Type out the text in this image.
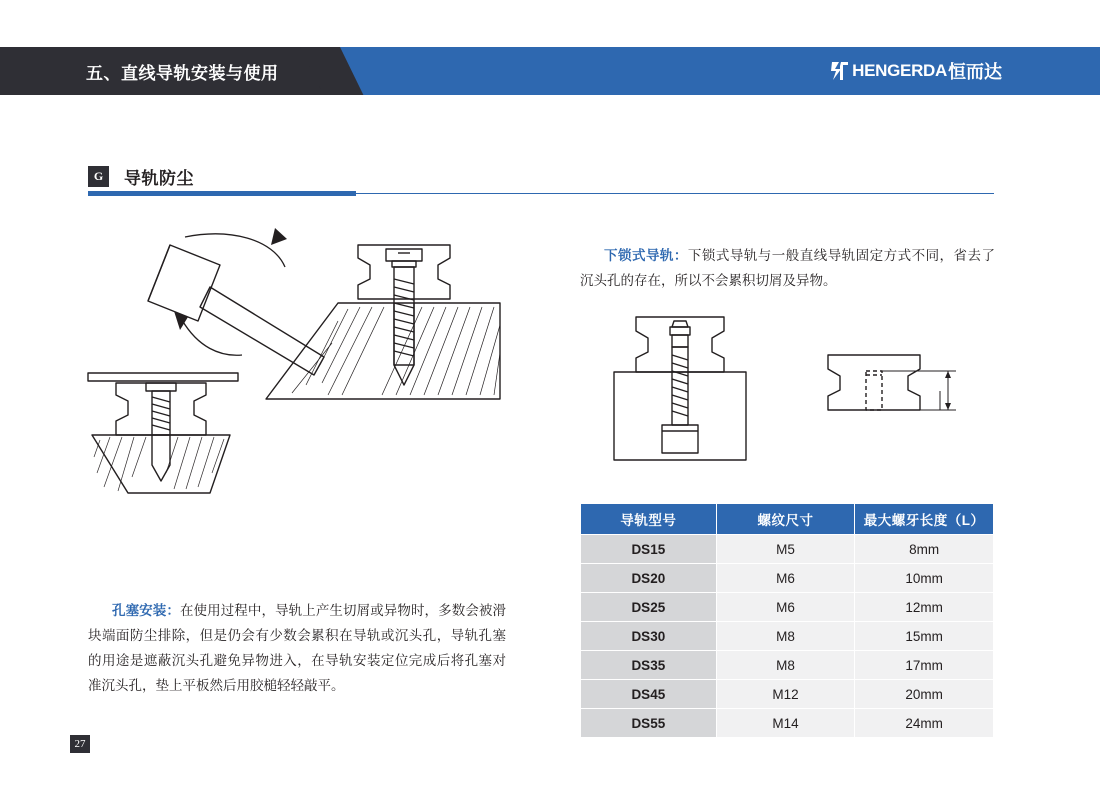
五、直线导轨安装与使用	HENGERDA 恒而达
G	导轨防尘
下锁式导轨：下锁式导轨与一般直线导轨固定方式不同，省去了沉头孔的存在，所以不会累积切屑及异物。
导轨型号	螺纹尺寸	最大螺牙长度（L）
DS15	M5	8mm
DS20	M6	10mm
DS25	M6	12mm
DS30	M8	15mm
DS35	M8	17mm
DS45	M12	20mm
DS55	M14	24mm
孔塞安装：在使用过程中，导轨上产生切屑或异物时，多数会被滑块端面防尘排除，但是仍会有少数会累积在导轨或沉头孔，导轨孔塞的用途是遮蔽沉头孔避免异物进入，在导轨安装定位完成后将孔塞对准沉头孔，垫上平板然后用胶槌轻轻敲平。
27
